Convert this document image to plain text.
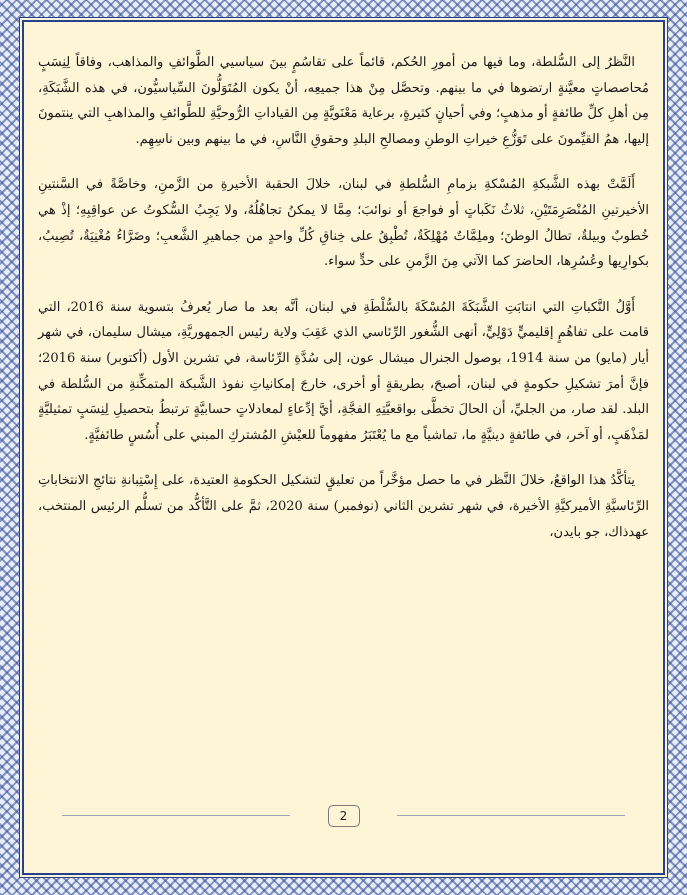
النَّظرُ إلى السُّلطة، وما فيها من أمورِ الحُكم، قائماً على تقاسُمٍ بينَ سياسيي الطَّوائفِ والمذاهب، وفاقاً لِنِسَبٍ مُحاصصاتٍ معيَّنةٍ ارتضوها في ما بينهم. وتحصَّل مِنْ هذا جميعِه، أنْ يكون المُتَوَلُّونَ السِّياسيُّون، في هذه الشَّبَكَةِ، مِن أهلِ كلِّ طائفةٍ أو مذهبٍ؛ وفي أحيانٍ كثيرةٍ، برعاية مَعْنَويَّةٍ مِن القياداتِ الرُّوحيَّةِ للطَّوائفِ والمذاهبِ التي ينتمونَ إليها، همُ القيِّمونَ على تَوَزُّعِ خيراتِ الوطنِ ومصالحِ البلدِ وحقوقِ النَّاسِ، في ما بينهم وبين ناسِهِم.

أَلَمَّتْ بهذه الشَّبكةِ المُسْكةِ بزمامِ السُّلطةِ في لبنان، خلالَ الحقبة الأخيرةِ من الزَّمنِ، وخاصَّةً في السَّنتينِ الأخيرتينِ المُنْصَرِمَتَيْنِ، ثلاثُ نَكَباتٍ أو فواجعَ أو نوائبَ؛ مِمَّا لا يمكنُ تجاهُلُهُ، ولا يَجِبُ السُّكوتُ عن عواقِبِهِ؛ إذْ هي خُطوبٌ وبيلةٌ، تطالُ الوطنَ؛ وملِمَّاتٌ مُهْلِكَةٌ، تُطْبِقُ على خِناقِ كُلِّ واحدٍ من جماهيرِ الشَّعبِ؛ وضَرَّاءُ مُغْنِيَةٌ، تُصِيبُ، بكوارِيها وعُسُرِها، الحاضرَ كما الآتي مِنَ الزَّمنِ على حدٍّ سواء.

أَوَّلُ النَّكباتِ التي انتابَتِ الشَّبَكَةَ المُسْكَةَ بالسُّلْطَةِ في لبنان، أنَّه بعد ما صار يُعرفُ بتسوية سنة 2016، التي قامت على تفاهُمٍ إقليميٍّ دَوْلِيٍّ، أنهى الشُّغور الرِّئاسي الذي عَقِبَ ولاية رئيس الجمهوريَّةِ، ميشال سليمان، في شهر أيار (مايو) من سنة 1914، بوصول الجنرال ميشال عون، إلى سُدَّةِ الرِّئاسة، في تشرين الأول (أكتوبر) سنة 2016؛ فإنَّ أمرَ تشكيلِ حكومةٍ في لبنان، أصبحَ، بطريقةٍ أو أخرى، خارجَ إمكانياتِ نفوذ الشَّبكة المتمكِّنةِ من السُّلطة في البلد. لقد صار، من الجليِّ، أن الحالَ تخطَّى بواقعيَّتِهِ الفجَّةِ، أيَّ إدِّعاءٍ لمعادلاتٍ حسابيَّةٍ ترتبطُ بتحصيلِ لِنِسَبٍ تمثيليَّةٍ لمَذْهَبٍ، أو آخر، في طائفةٍ دينيَّةٍ ما، تماشياً مع ما يُعْتَبَرُ مفهوماً للعيْشِ المُشتركِ المبني على أُسُسٍ طائفيَّةٍ.

يتأكَّدُ هذا الواقعُ، خلالَ النَّظر في ما حصل مؤخَّراً من تعليقٍ لتشكيل الحكومةِ العتيدة، على إِسْتِبانةِ نتائجِ الانتخاباتِ الرِّئاسيَّةِ الأميركيَّةِ الأخيرة، في شهر تشرين الثاني (نوفمبر) سنة 2020، ثمَّ على التَّأكُّد من تسلُّم الرئيس المنتخب، عهدذاك، جو بايدن،

2
